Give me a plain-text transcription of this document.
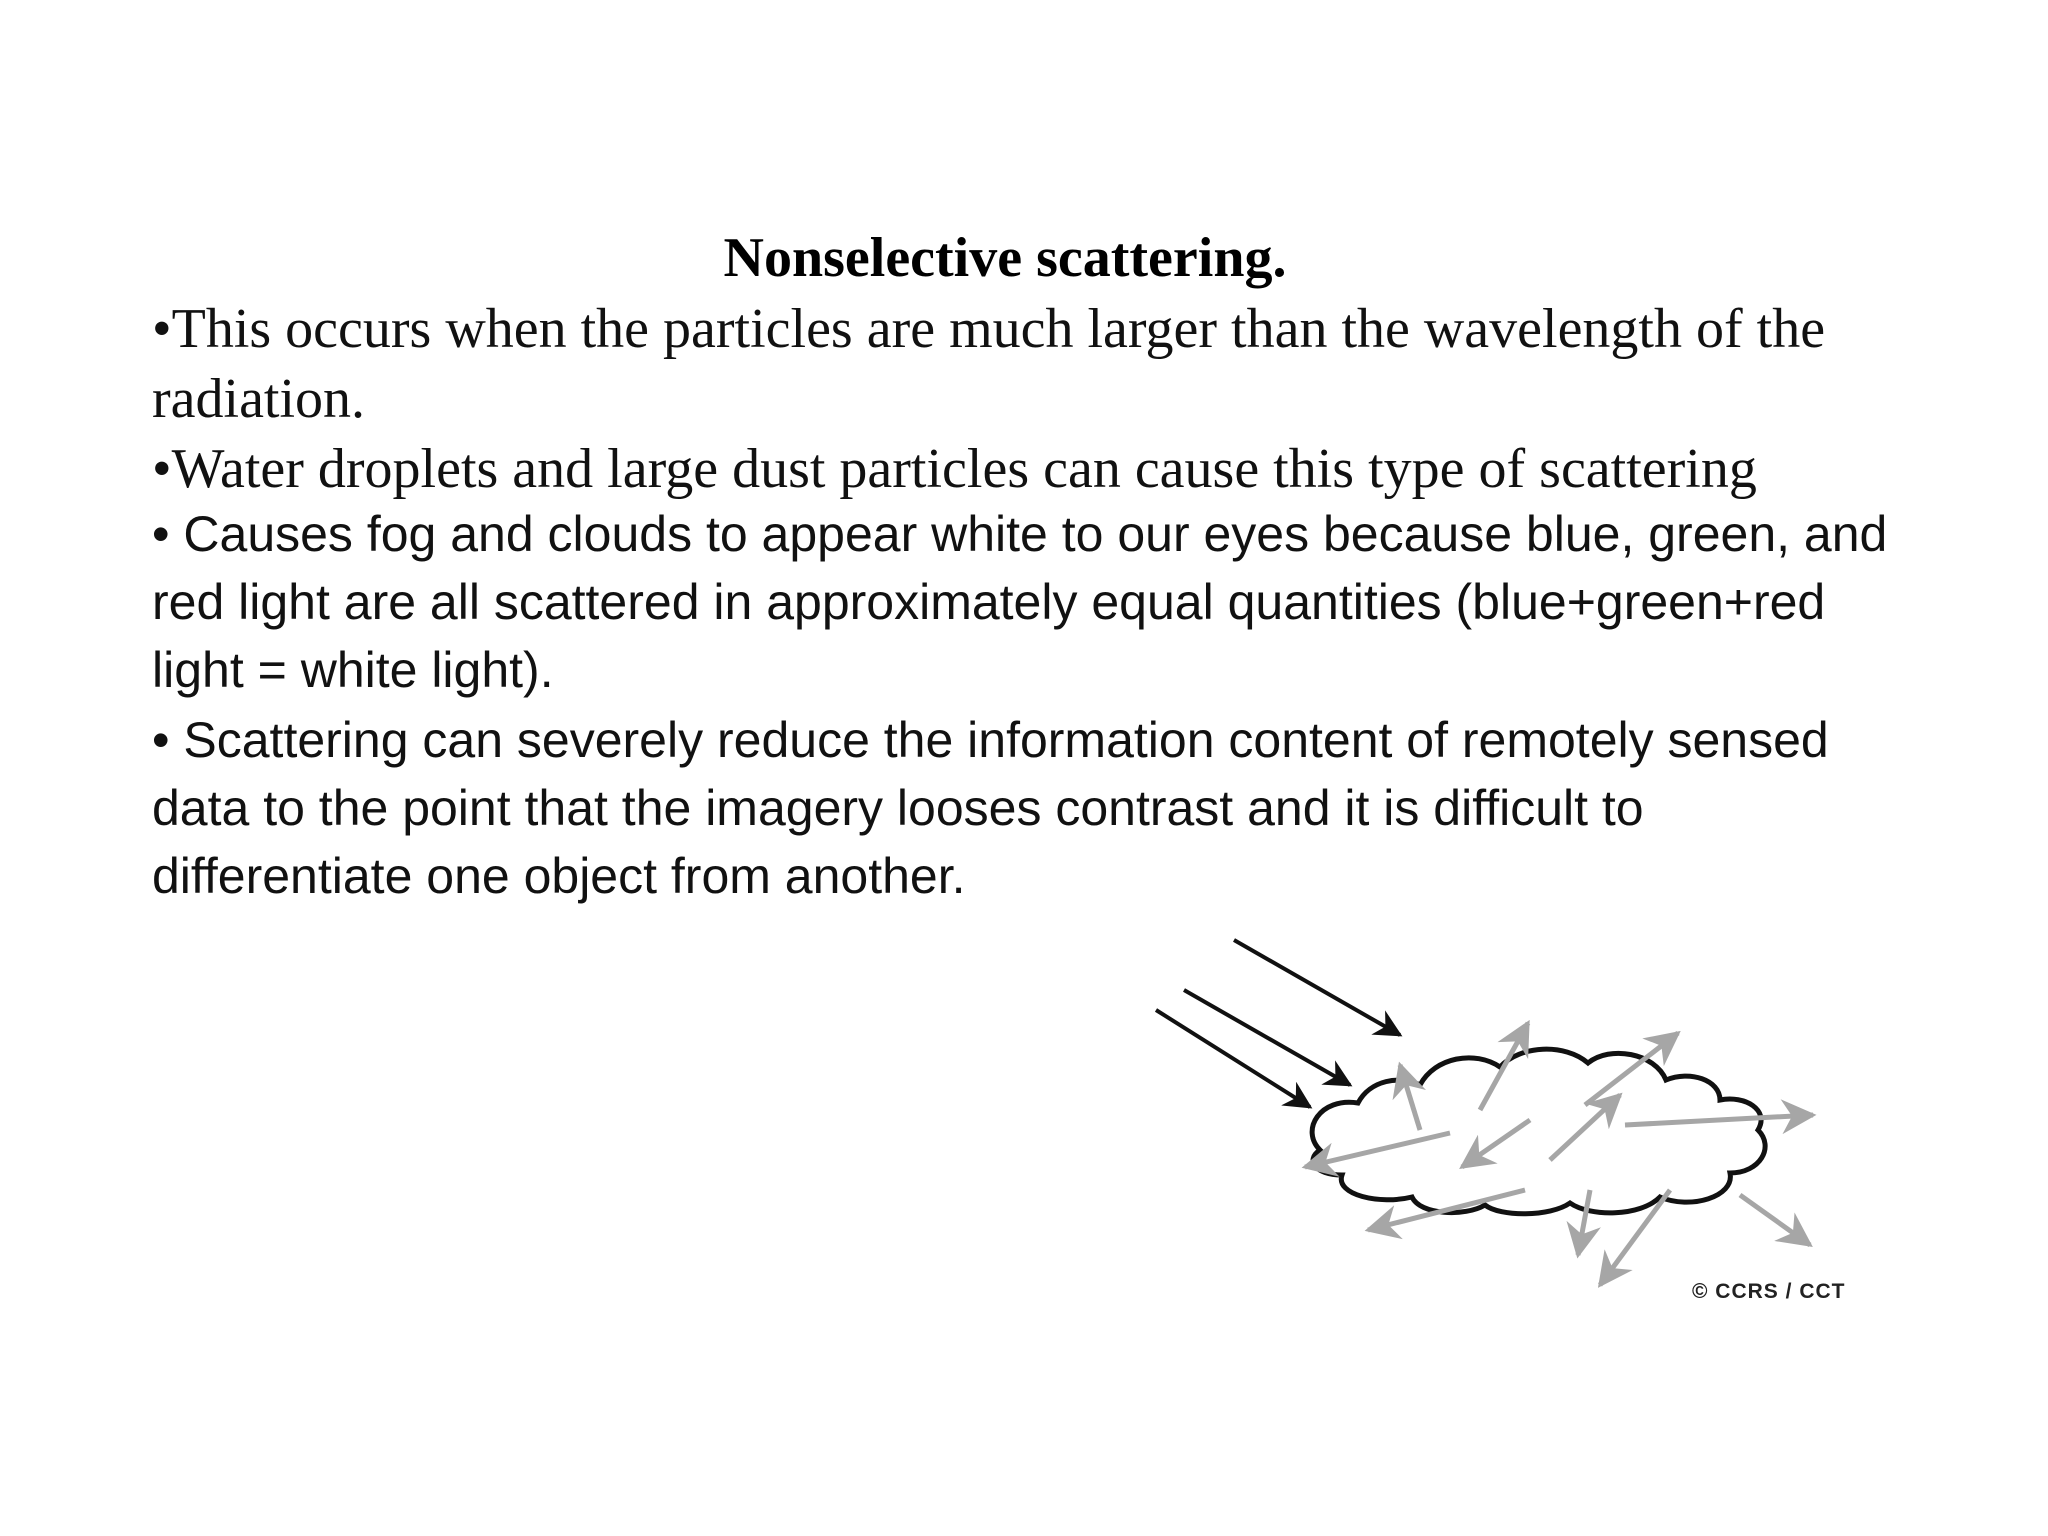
Nonselective scattering.

•This occurs when the particles are much larger than the wavelength of the radiation.

•Water droplets and large dust particles can cause this type of scattering

• Causes fog and clouds to appear white to our eyes because blue, green, and red light are all scattered in approximately equal quantities (blue+green+red light = white light).

• Scattering can severely reduce the information content of remotely sensed data to the point that the imagery looses contrast and it is difficult to differentiate one object from another.

© CCRS / CCT
